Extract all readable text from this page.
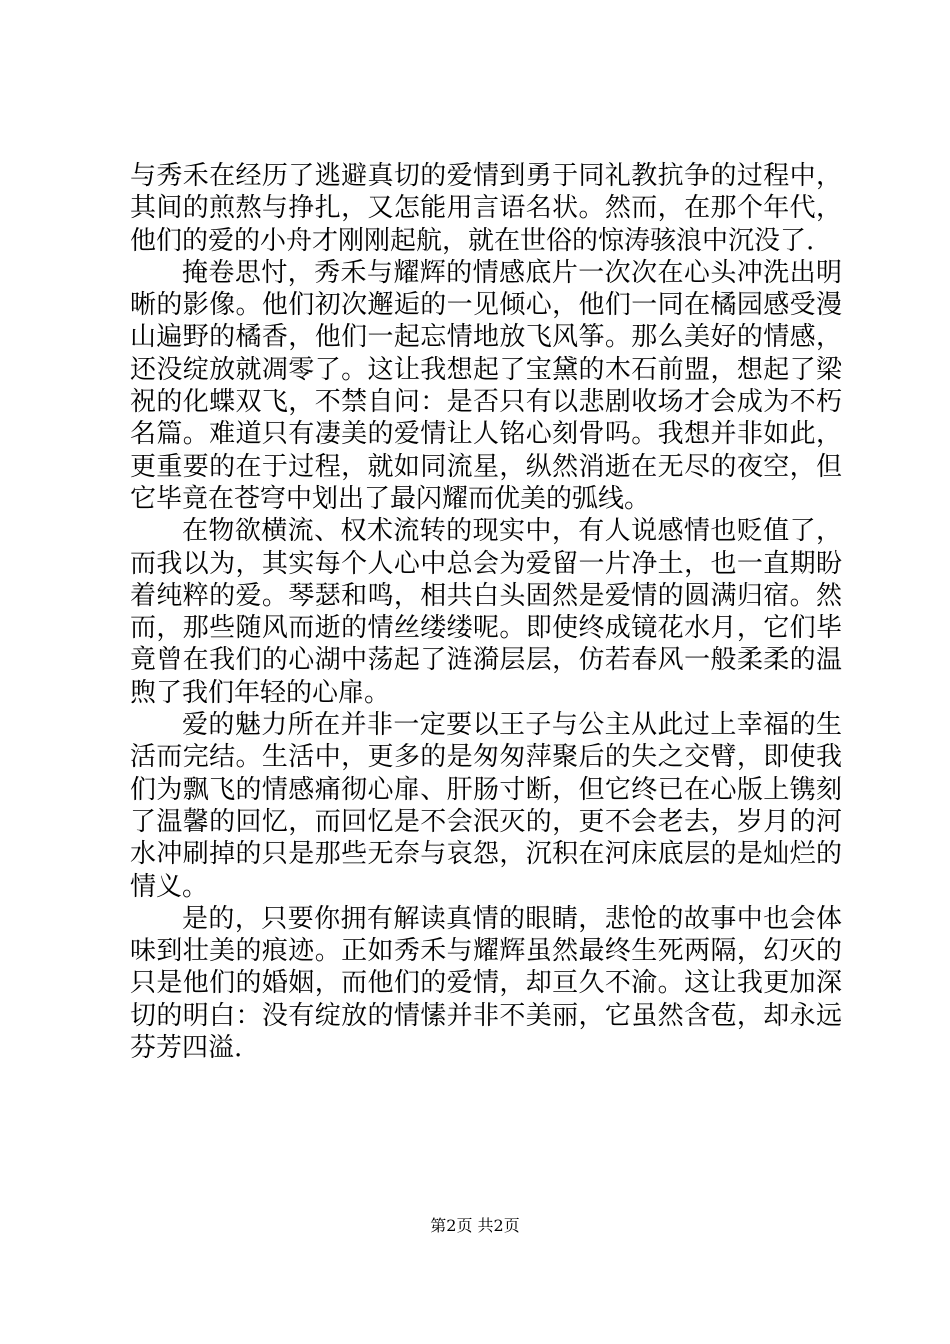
与秀禾在经历了逃避真切的爱情到勇于同礼教抗争的过程中，其间的煎熬与挣扎，又怎能用言语名状。然而，在那个年代，他们的爱的小舟才刚刚起航，就在世俗的惊涛骇浪中沉没了.

掩卷思忖，秀禾与耀辉的情感底片一次次在心头冲洗出明晰的影像。他们初次邂逅的一见倾心，他们一同在橘园感受漫山遍野的橘香，他们一起忘情地放飞风筝。那么美好的情感，还没绽放就凋零了。这让我想起了宝黛的木石前盟，想起了梁祝的化蝶双飞，不禁自问：是否只有以悲剧收场才会成为不朽名篇。难道只有凄美的爱情让人铭心刻骨吗。我想并非如此，更重要的在于过程，就如同流星，纵然消逝在无尽的夜空，但它毕竟在苍穹中划出了最闪耀而优美的弧线。

在物欲横流、权术流转的现实中，有人说感情也贬值了，而我以为，其实每个人心中总会为爱留一片净土，也一直期盼着纯粹的爱。琴瑟和鸣，相共白头固然是爱情的圆满归宿。然而，那些随风而逝的情丝缕缕呢。即使终成镜花水月，它们毕竟曾在我们的心湖中荡起了涟漪层层，仿若春风一般柔柔的温煦了我们年轻的心扉。

爱的魅力所在并非一定要以王子与公主从此过上幸福的生活而完结。生活中，更多的是匆匆萍聚后的失之交臂，即使我们为飘飞的情感痛彻心扉、肝肠寸断，但它终已在心版上镌刻了温馨的回忆，而回忆是不会泯灭的，更不会老去，岁月的河水冲刷掉的只是那些无奈与哀怨，沉积在河床底层的是灿烂的情义。

是的，只要你拥有解读真情的眼睛，悲怆的故事中也会体味到壮美的痕迹。正如秀禾与耀辉虽然最终生死两隔，幻灭的只是他们的婚姻，而他们的爱情，却亘久不渝。这让我更加深切的明白：没有绽放的情愫并非不美丽，它虽然含苞，却永远芬芳四溢.

第2页 共2页
